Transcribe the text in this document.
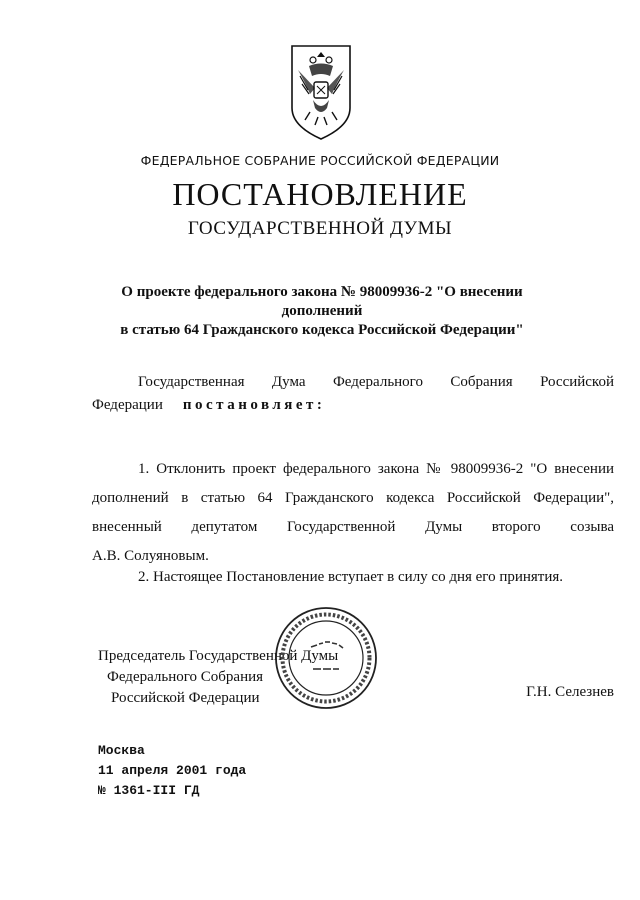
ФЕДЕРАЛЬНОЕ СОБРАНИЕ РОССИЙСКОЙ ФЕДЕРАЦИИ
ПОСТАНОВЛЕНИЕ
ГОСУДАРСТВЕННОЙ ДУМЫ
О проекте федерального закона № 98009936-2 "О внесении дополнений
в статью 64 Гражданского кодекса Российской Федерации"
Государственная Дума Федерального Собрания Российской
Федерации постановляет:
1. Отклонить проект федерального закона № 98009936-2 "О внесении
дополнений в статью 64 Гражданского кодекса Российской Федерации",
внесенный депутатом Государственной Думы второго созыва
А.В. Солуяновым.
2. Настоящее Постановление вступает в силу со дня его принятия.
Председатель Государственной Думы
Федерального Собрания
Российской Федерации	Г.Н. Селезнев
Москва
11 апреля 2001 года
№ 1361-III ГД
